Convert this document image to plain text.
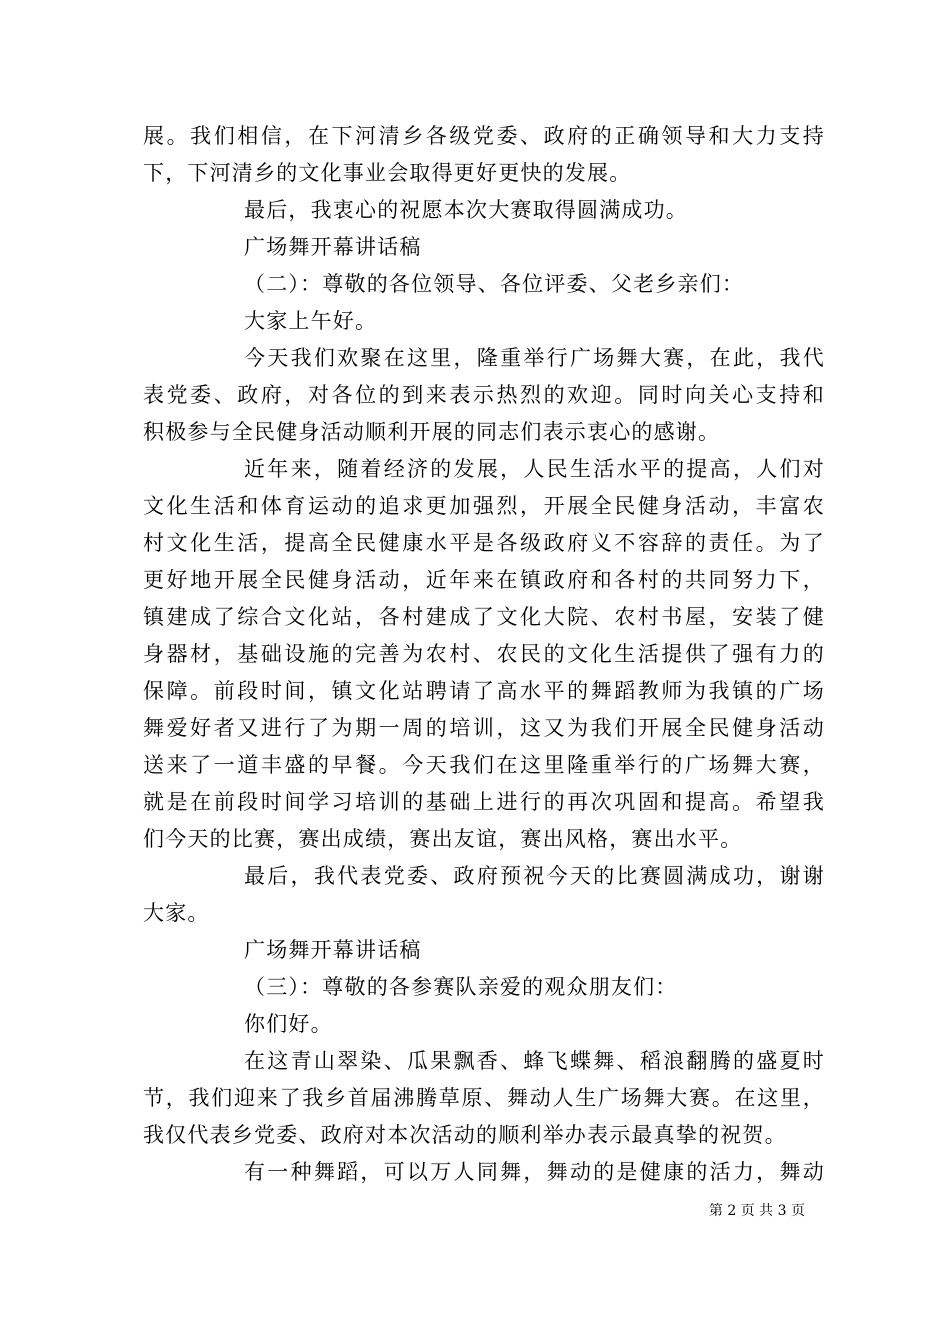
展。我们相信，在下河清乡各级党委、政府的正确领导和大力支持
下，下河清乡的文化事业会取得更好更快的发展。
最后，我衷心的祝愿本次大赛取得圆满成功。
广场舞开幕讲话稿
（二）：尊敬的各位领导、各位评委、父老乡亲们：
大家上午好。
今天我们欢聚在这里，隆重举行广场舞大赛，在此，我代
表党委、政府，对各位的到来表示热烈的欢迎。同时向关心支持和
积极参与全民健身活动顺利开展的同志们表示衷心的感谢。
近年来，随着经济的发展，人民生活水平的提高，人们对
文化生活和体育运动的追求更加强烈，开展全民健身活动，丰富农
村文化生活，提高全民健康水平是各级政府义不容辞的责任。为了
更好地开展全民健身活动，近年来在镇政府和各村的共同努力下，
镇建成了综合文化站，各村建成了文化大院、农村书屋，安装了健
身器材，基础设施的完善为农村、农民的文化生活提供了强有力的
保障。前段时间，镇文化站聘请了高水平的舞蹈教师为我镇的广场
舞爱好者又进行了为期一周的培训，这又为我们开展全民健身活动
送来了一道丰盛的早餐。今天我们在这里隆重举行的广场舞大赛，
就是在前段时间学习培训的基础上进行的再次巩固和提高。希望我
们今天的比赛，赛出成绩，赛出友谊，赛出风格，赛出水平。
最后，我代表党委、政府预祝今天的比赛圆满成功，谢谢
大家。
广场舞开幕讲话稿
（三）：尊敬的各参赛队亲爱的观众朋友们：
你们好。
在这青山翠染、瓜果飘香、蜂飞蝶舞、稻浪翻腾的盛夏时
节，我们迎来了我乡首届沸腾草原、舞动人生广场舞大赛。在这里，
我仅代表乡党委、政府对本次活动的顺利举办表示最真挚的祝贺。
有一种舞蹈，可以万人同舞，舞动的是健康的活力，舞动
第 2 页 共 3 页
